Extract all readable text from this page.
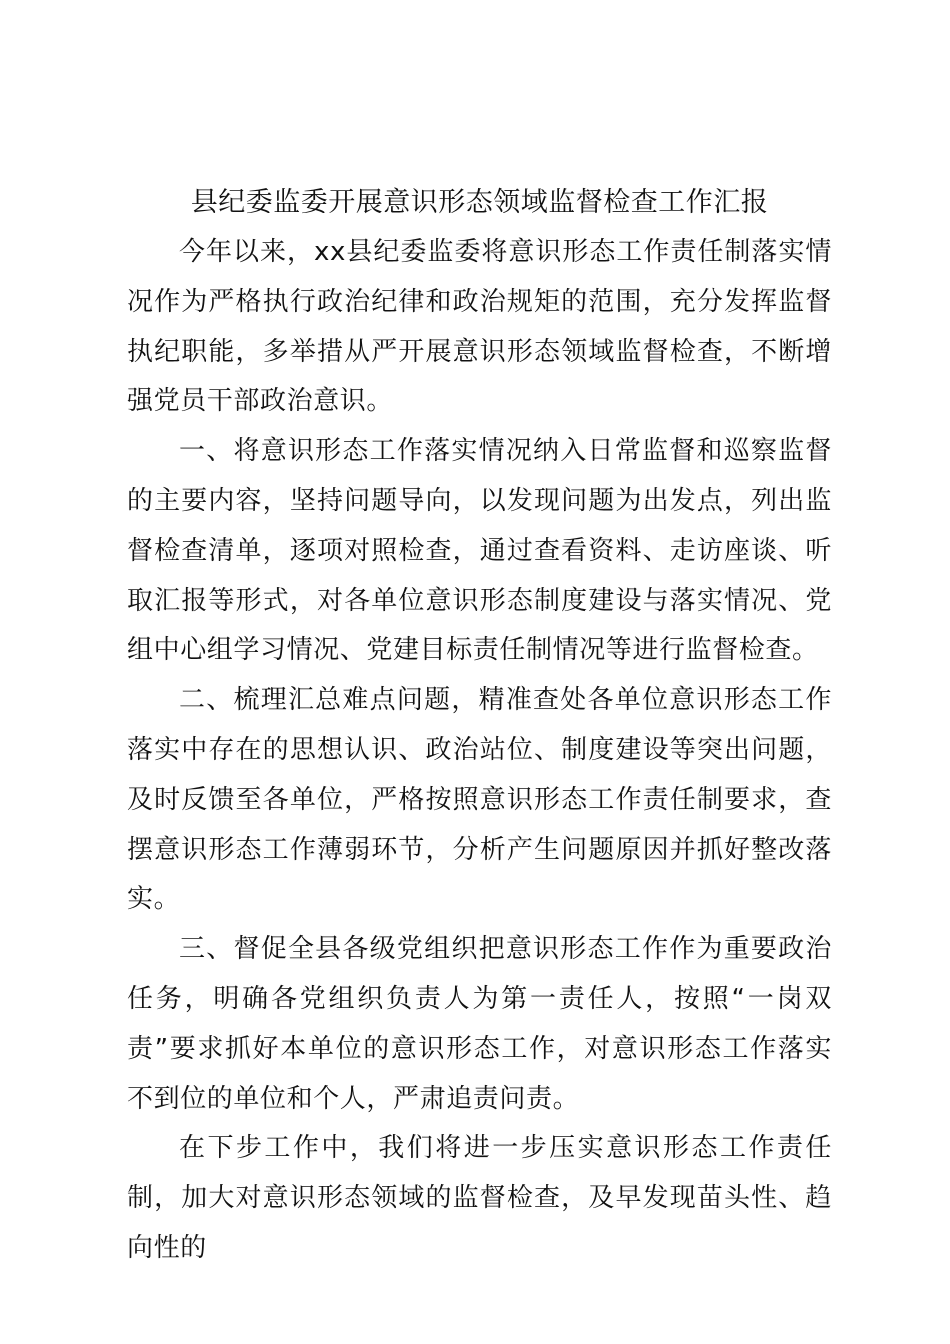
县纪委监委开展意识形态领域监督检查工作汇报

今年以来，xx县纪委监委将意识形态工作责任制落实情况作为严格执行政治纪律和政治规矩的范围，充分发挥监督执纪职能，多举措从严开展意识形态领域监督检查，不断增强党员干部政治意识。

一、将意识形态工作落实情况纳入日常监督和巡察监督的主要内容，坚持问题导向，以发现问题为出发点，列出监督检查清单，逐项对照检查，通过查看资料、走访座谈、听取汇报等形式，对各单位意识形态制度建设与落实情况、党组中心组学习情况、党建目标责任制情况等进行监督检查。

二、梳理汇总难点问题，精准查处各单位意识形态工作落实中存在的思想认识、政治站位、制度建设等突出问题，及时反馈至各单位，严格按照意识形态工作责任制要求，查摆意识形态工作薄弱环节，分析产生问题原因并抓好整改落实。

三、督促全县各级党组织把意识形态工作作为重要政治任务，明确各党组织负责人为第一责任人，按照“一岗双责”要求抓好本单位的意识形态工作，对意识形态工作落实不到位的单位和个人，严肃追责问责。

在下步工作中，我们将进一步压实意识形态工作责任制，加大对意识形态领域的监督检查，及早发现苗头性、趋向性的
